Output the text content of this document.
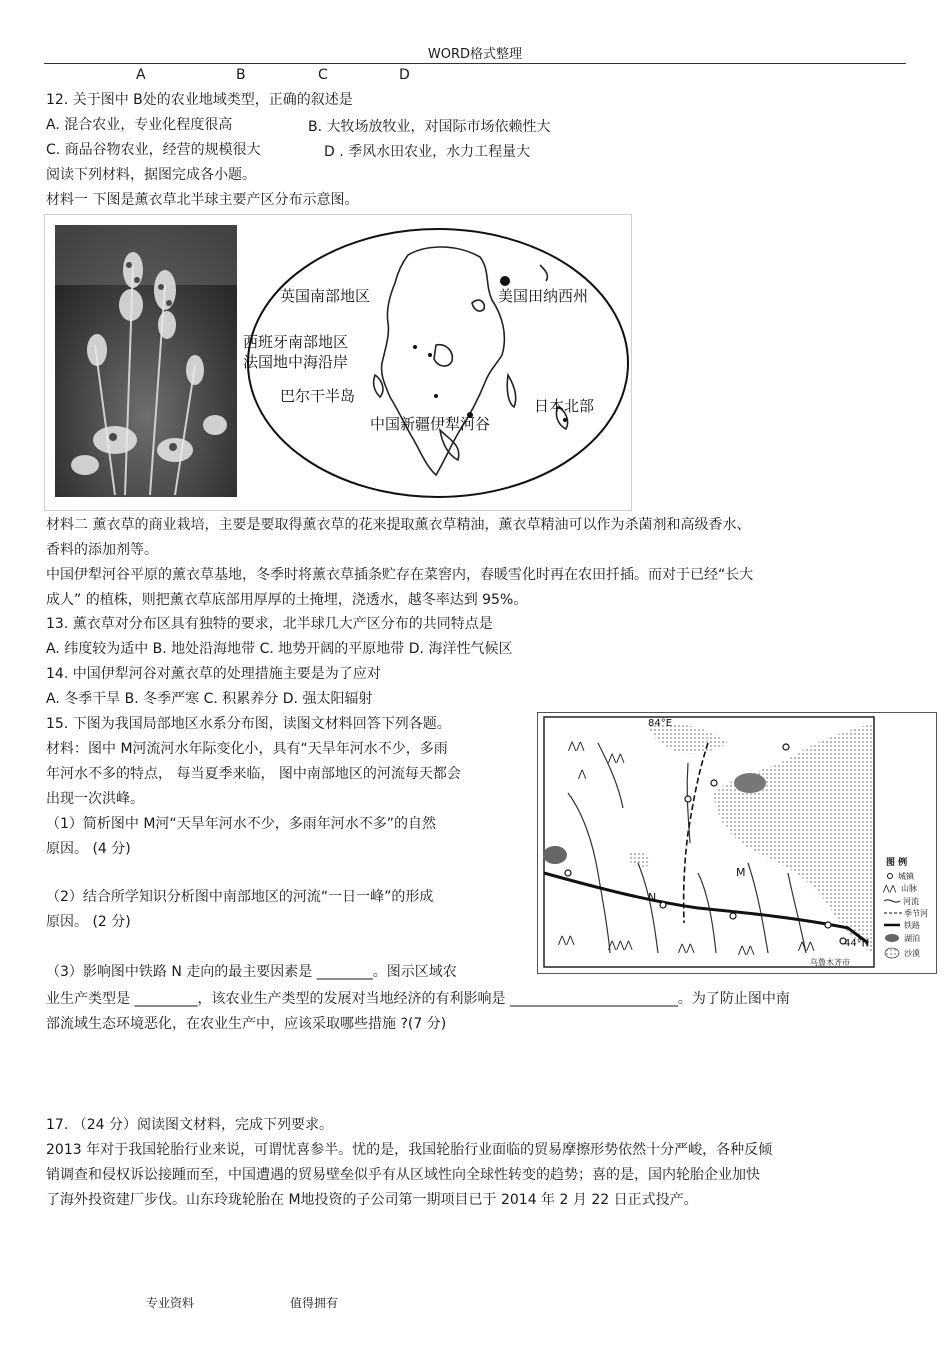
WORD格式整理
A	B	C	D
12. 关于图中 B处的农业地域类型，正确的叙述是
A. 混合农业，专业化程度很高	B. 大牧场放牧业，对国际市场依赖性大
C. 商品谷物农业，经营的规模很大	D . 季风水田农业，水力工程量大
阅读下列材料，据图完成各小题。
材料一 下图是薰衣草北半球主要产区分布示意图。
英国南部地区	美国田纳西州
西班牙南部地区
法国地中海沿岸
巴尔干半岛
日本北部
中国新疆伊犁河谷
材料二 薰衣草的商业栽培，主要是要取得薰衣草的花来提取薰衣草精油，薰衣草精油可以作为杀菌剂和高级香水、
香料的添加剂等。
中国伊犁河谷平原的薰衣草基地，冬季时将薰衣草插条贮存在菜窖内，春暖雪化时再在农田扦插。而对于已经“长大
成人” 的植株，则把薰衣草底部用厚厚的土掩埋，浇透水，越冬率达到 95%。
13. 薰衣草对分布区具有独特的要求，北半球几大产区分布的共同特点是
A. 纬度较为适中 B. 地处沿海地带 C. 地势开阔的平原地带 D. 海洋性气候区
14. 中国伊犁河谷对薰衣草的处理措施主要是为了应对
A. 冬季干旱 B. 冬季严寒 C. 积累养分 D. 强太阳辐射
15. 下图为我国局部地区水系分布图，读图文材料回答下列各题。
材料：图中 M河流河水年际变化小，具有“天旱年河水不少，多雨
年河水不多的特点， 每当夏季来临， 图中南部地区的河流每天都会
出现一次洪峰。
（1）简析图中 M河“天旱年河水不少，多雨年河水不多”的自然
原因。 (4 分)
（2）结合所学知识分析图中南部地区的河流“一日一峰”的形成
原因。 (2 分)
（3）影响图中铁路 N 走向的最主要因素是 ________。图示区域农
业生产类型是 _________，该农业生产类型的发展对当地经济的有利影响是 ________________________。为了防止图中南
部流域生态环境恶化，在农业生产中，应该采取哪些措施 ?(7 分)
⋀⋀
⋀⋀
⋀
⋀⋀	⋀⋀⋀	⋀⋀	⋀⋀	⋀⋀
84°E
44°N
M
N
乌鲁木齐市
图 例
城镇
⋀⋀ 山脉
河流
季节河
铁路
湖泊
沙漠
17. （24 分）阅读图文材料，完成下列要求。
2013 年对于我国轮胎行业来说，可谓忧喜参半。忧的是，我国轮胎行业面临的贸易摩擦形势依然十分严峻，各种反倾
销调查和侵权诉讼接踵而至，中国遭遇的贸易壁垒似乎有从区域性向全球性转变的趋势；喜的是，国内轮胎企业加快
了海外投资建厂步伐。山东玲珑轮胎在 M地投资的子公司第一期项目已于 2014 年 2 月 22 日正式投产。
专业资料	值得拥有
